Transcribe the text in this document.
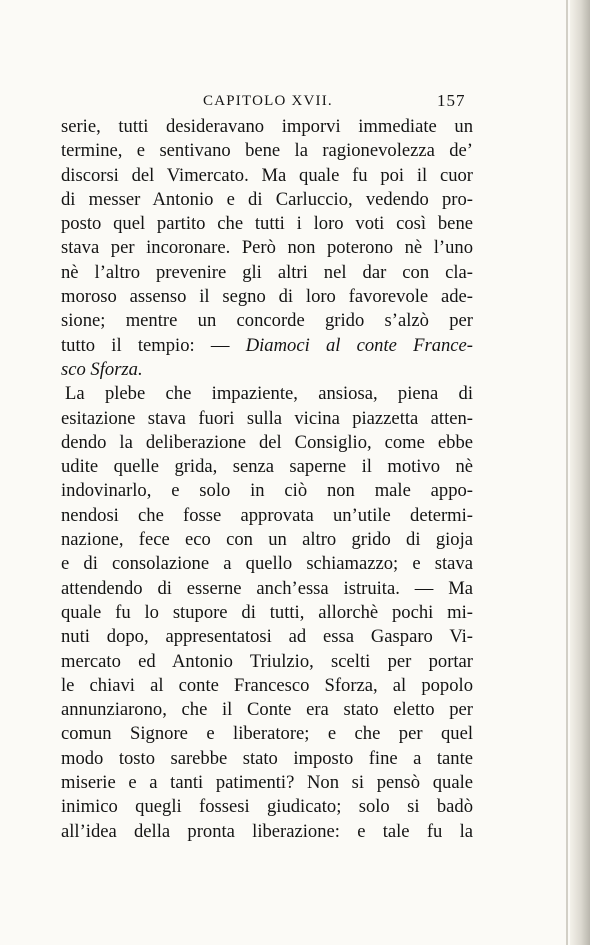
CAPITOLO XVII.	157
serie, tutti desideravano imporvi immediate un
termine, e sentivano bene la ragionevolezza de’
discorsi del Vimercato. Ma quale fu poi il cuor
di messer Antonio e di Carluccio, vedendo pro-
posto quel partito che tutti i loro voti così bene
stava per incoronare. Però non poterono nè l’uno
nè l’altro prevenire gli altri nel dar con cla-
moroso assenso il segno di loro favorevole ade-
sione; mentre un concorde grido s’alzò per
tutto il tempio: — Diamoci al conte France-
sco Sforza.
La plebe che impaziente, ansiosa, piena di
esitazione stava fuori sulla vicina piazzetta atten-
dendo la deliberazione del Consiglio, come ebbe
udite quelle grida, senza saperne il motivo nè
indovinarlo, e solo in ciò non male appo-
nendosi che fosse approvata un’utile determi-
nazione, fece eco con un altro grido di gioja
e di consolazione a quello schiamazzo; e stava
attendendo di esserne anch’essa istruita. — Ma
quale fu lo stupore di tutti, allorchè pochi mi-
nuti dopo, appresentatosi ad essa Gasparo Vi-
mercato ed Antonio Triulzio, scelti per portar
le chiavi al conte Francesco Sforza, al popolo
annunziarono, che il Conte era stato eletto per
comun Signore e liberatore; e che per quel
modo tosto sarebbe stato imposto fine a tante
miserie e a tanti patimenti? Non si pensò quale
inimico quegli fossesi giudicato; solo si badò
all’idea della pronta liberazione: e tale fu la
